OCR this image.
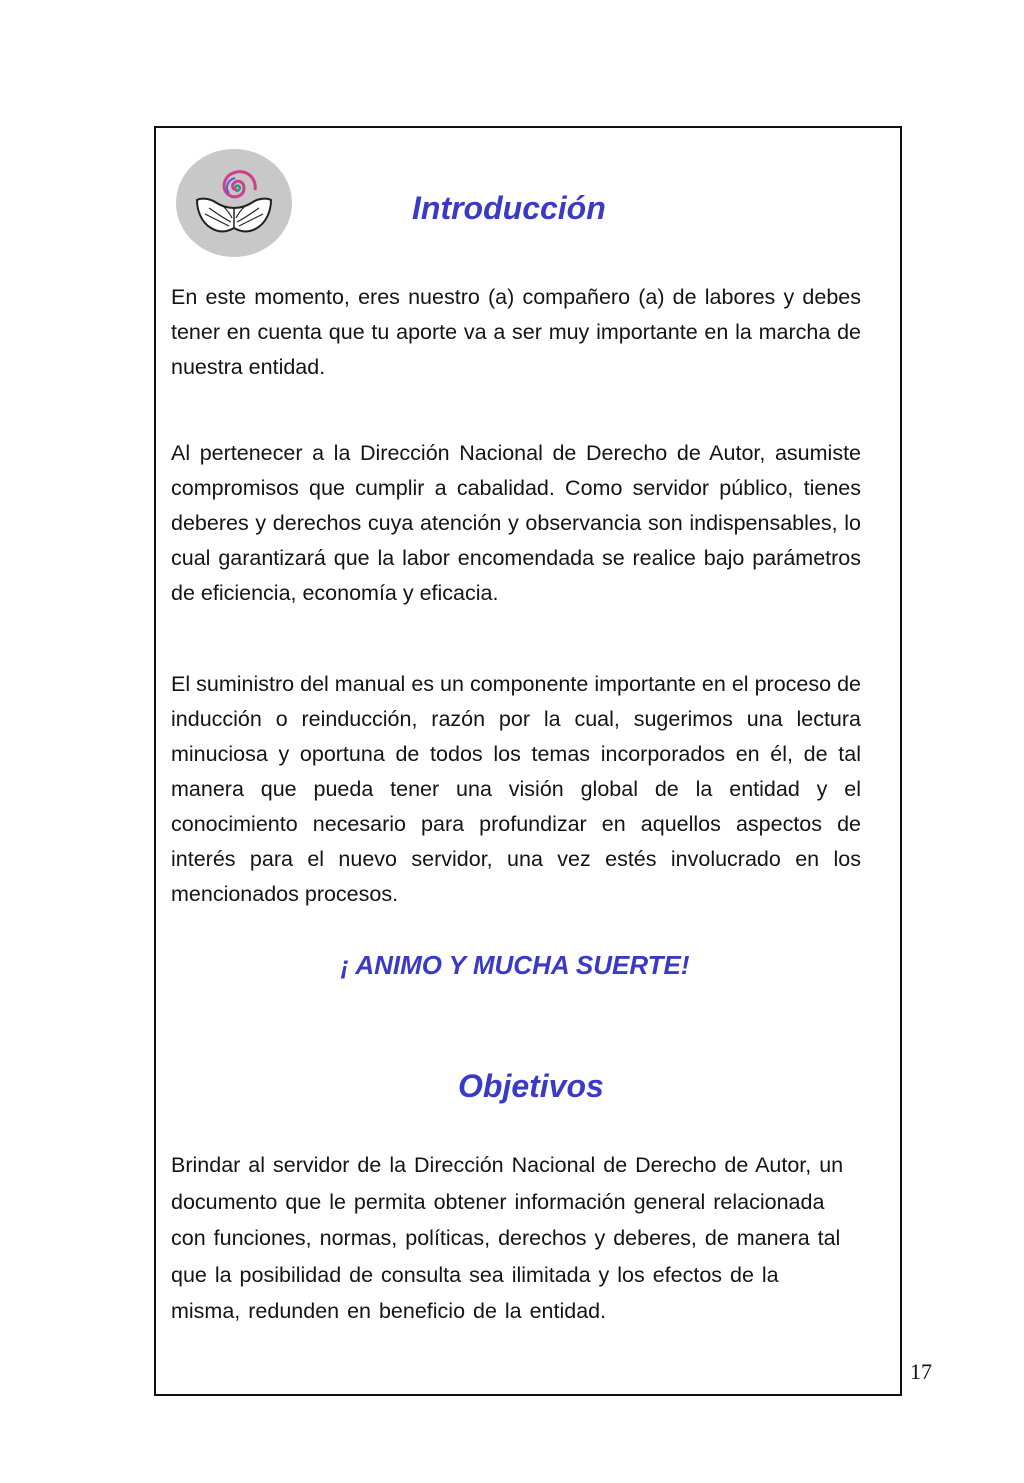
Introducción

En este momento, eres nuestro (a) compañero (a) de labores y debes tener en cuenta que tu aporte va a ser muy importante en la marcha de nuestra entidad.

Al pertenecer a la Dirección Nacional de Derecho de Autor, asumiste compromisos que cumplir a cabalidad. Como servidor público, tienes deberes y derechos cuya atención y observancia son indispensables, lo cual garantizará que la labor encomendada se realice bajo parámetros de eficiencia, economía y eficacia.

El suministro del manual es un componente importante en el proceso de inducción o reinducción, razón por la cual, sugerimos una lectura minuciosa y oportuna de todos los temas incorporados en él, de tal manera que pueda tener una visión global de la entidad y el conocimiento necesario para profundizar en aquellos aspectos de interés para el nuevo servidor, una vez estés involucrado en los mencionados procesos.

¡ ANIMO Y MUCHA SUERTE!

Objetivos

Brindar al servidor de la Dirección Nacional de Derecho de Autor, un documento que le permita obtener información general relacionada con funciones, normas, políticas, derechos y deberes, de manera tal que la posibilidad de consulta sea ilimitada y los efectos de la misma, redunden en beneficio de la entidad.

17
